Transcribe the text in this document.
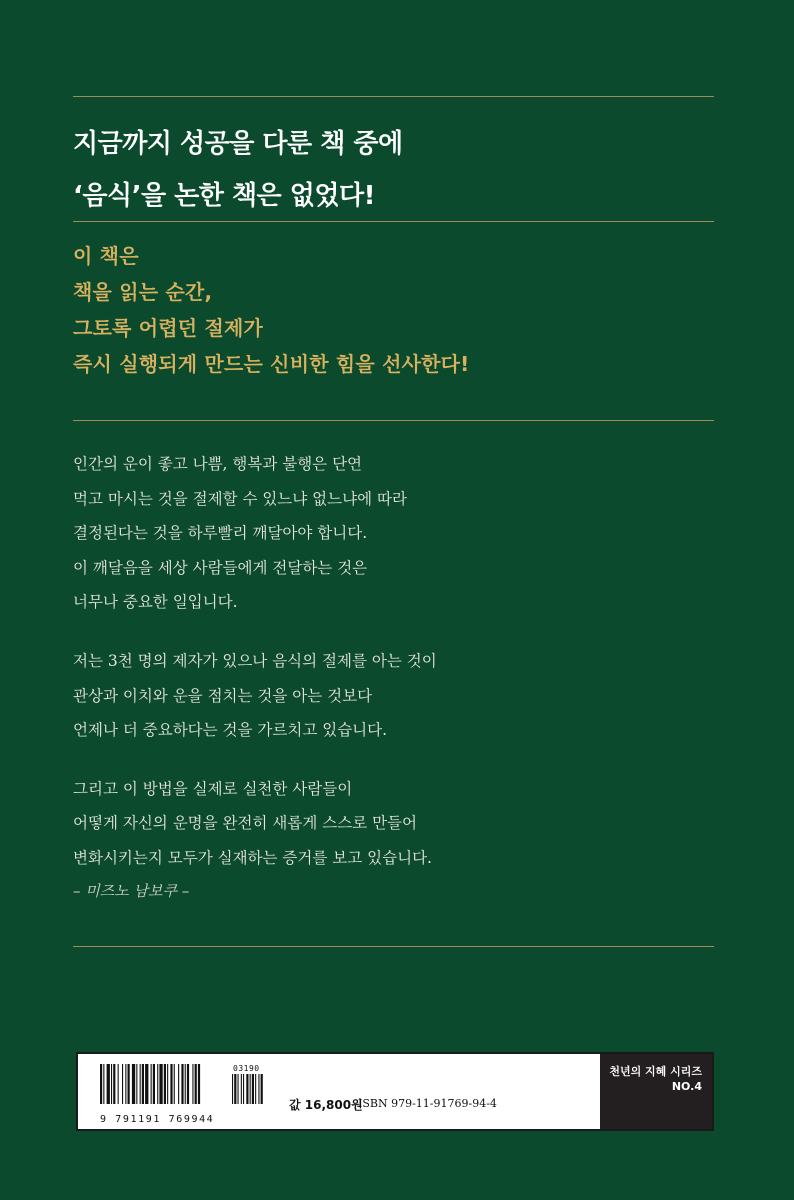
지금까지 성공을 다룬 책 중에
‘음식’을 논한 책은 없었다!
이 책은
책을 읽는 순간,
그토록 어렵던 절제가
즉시 실행되게 만드는 신비한 힘을 선사한다!
인간의 운이 좋고 나쁨, 행복과 불행은 단연
먹고 마시는 것을 절제할 수 있느냐 없느냐에 따라
결정된다는 것을 하루빨리 깨달아야 합니다.
이 깨달음을 세상 사람들에게 전달하는 것은
너무나 중요한 일입니다.
저는 3천 명의 제자가 있으나 음식의 절제를 아는 것이
관상과 이치와 운을 점치는 것을 아는 것보다
언제나 더 중요하다는 것을 가르치고 있습니다.
그리고 이 방법을 실제로 실천한 사람들이
어떻게 자신의 운명을 완전히 새롭게 스스로 만들어
변화시키는지 모두가 실재하는 증거를 보고 있습니다.
– 미즈노 남보쿠 –
03190
9 791191 769944
값 16,800원
ISBN 979-11-91769-94-4
천년의 지혜 시리즈
NO.4
